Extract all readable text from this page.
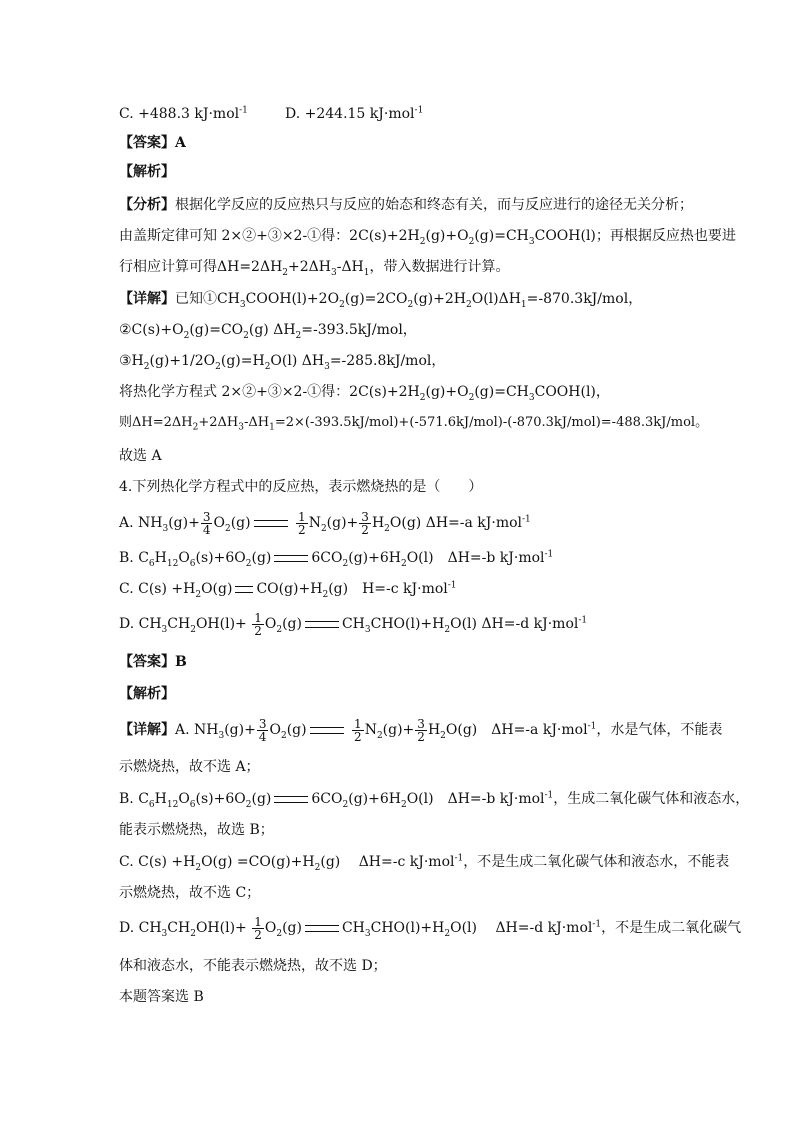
C. +488.3 kJ·mol$^{-1}$	D. +244.15 kJ·mol$^{-1}$
【答案】A
【解析】
【分析】根据化学反应的反应热只与反应的始态和终态有关，而与反应进行的途径无关分析；
由盖斯定律可知 2×②+③×2-①得：$2C(s)+2H_2(g)+O_2(g)=CH_3COOH(l)$；再根据反应热也要进
行相应计算可得$\Delta H=2\Delta H_2+2\Delta H_3-\Delta H_1$，带入数据进行计算。
【详解】已知$①CH_3COOH(l)+2O_2(g)=2CO_2(g)+2H_2O(l)\Delta H_1=-870.3kJ$/mol，
$②C(s)+O_2(g)=CO_2(g)$ $\Delta H_2=-393.5kJ$/mol，
$③H_2(g)+1/2O_2(g)=H_2O(l)$ $\Delta H_3=-285.8kJ$/mol，
将热化学方程式 2×②+③×2-①得：$2C(s)+2H_2(g)+O_2(g)=CH_3COOH(l)$，
则$\Delta H=2\Delta H_2+2\Delta H_3-\Delta H_1=2\times(-393.5kJ/mol)+(-571.6kJ/mol)-(-870.3kJ/mol)=-488.3kJ$/mol。
故选 A
4.下列热化学方程式中的反应热，表示燃烧热的是（　　）
A. $NH_3(g)+ \frac{3}{4} O_2(g)$	$\frac{1}{2} N_2(g)+ \frac{3}{2} H_2O(g)$ ΔH=-a kJ·mol$^{-1}$
B. $C_6H_{12}O_6(s)+6O_2(g)$	$6CO_2(g)+6H_2O(l)$　ΔH=-b kJ·mol$^{-1}$
C. $C(s) +H_2O(g)$ $CO(g)+H_2(g)$　H=-c kJ·mol$^{-1}$
D. $CH_3CH_2OH(l)+ \frac{1}{2} O_2(g)$	$CH_3CHO(l)+H_2O(l)$ ΔH=-d kJ·mol$^{-1}$
【答案】B
【解析】
【详解】A. $NH_3(g)+ \frac{3}{4} O_2(g)$	$\frac{1}{2} N_2(g)+ \frac{3}{2} H_2O(g)$　ΔH=-a kJ·mol$^{-1}$，水是气体，不能表
示燃烧热，故不选 A；
B. $C_6H_{12}O_6(s)+6O_2(g)$	$6CO_2(g)+6H_2O(l)$　ΔH=-b kJ·mol$^{-1}$，生成二氧化碳气体和液态水，
能表示燃烧热，故选 B；
C. $C(s) +H_2O(g) =CO(g)+H_2(g)$　 ΔH=-c kJ·mol$^{-1}$，不是生成二氧化碳气体和液态水，不能表
示燃烧热，故不选 C；
D. $CH_3CH_2OH(l)+ \frac{1}{2} O_2(g)$	$CH_3CHO(l)+H_2O(l)$　 ΔH=-d kJ·mol$^{-1}$，不是生成二氧化碳气
体和液态水，不能表示燃烧热，故不选 D；
本题答案选 B
